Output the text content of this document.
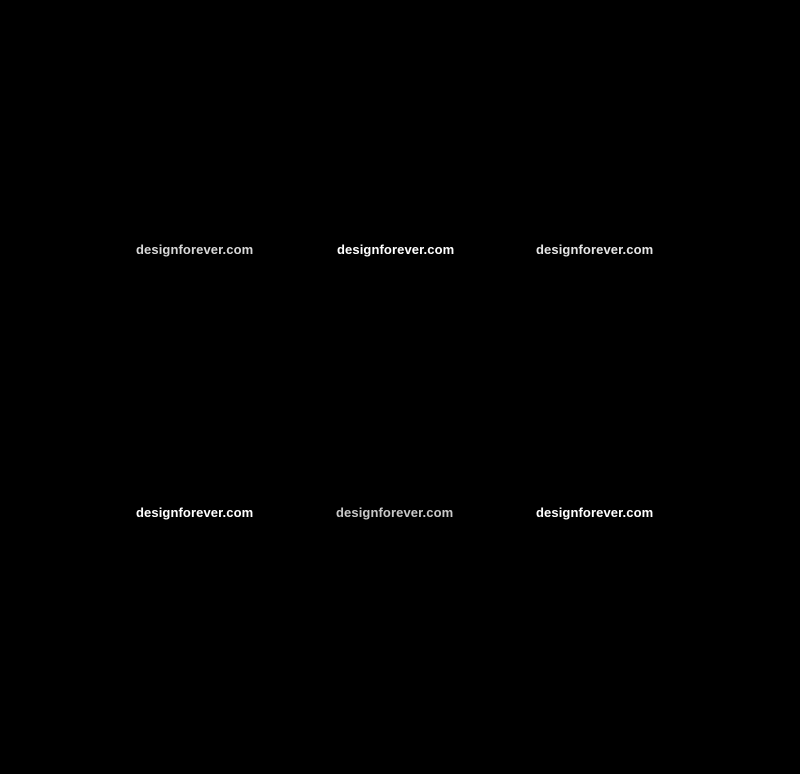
designforever.com	designforever.com	designforever.com
designforever.com	designforever.com	designforever.com
